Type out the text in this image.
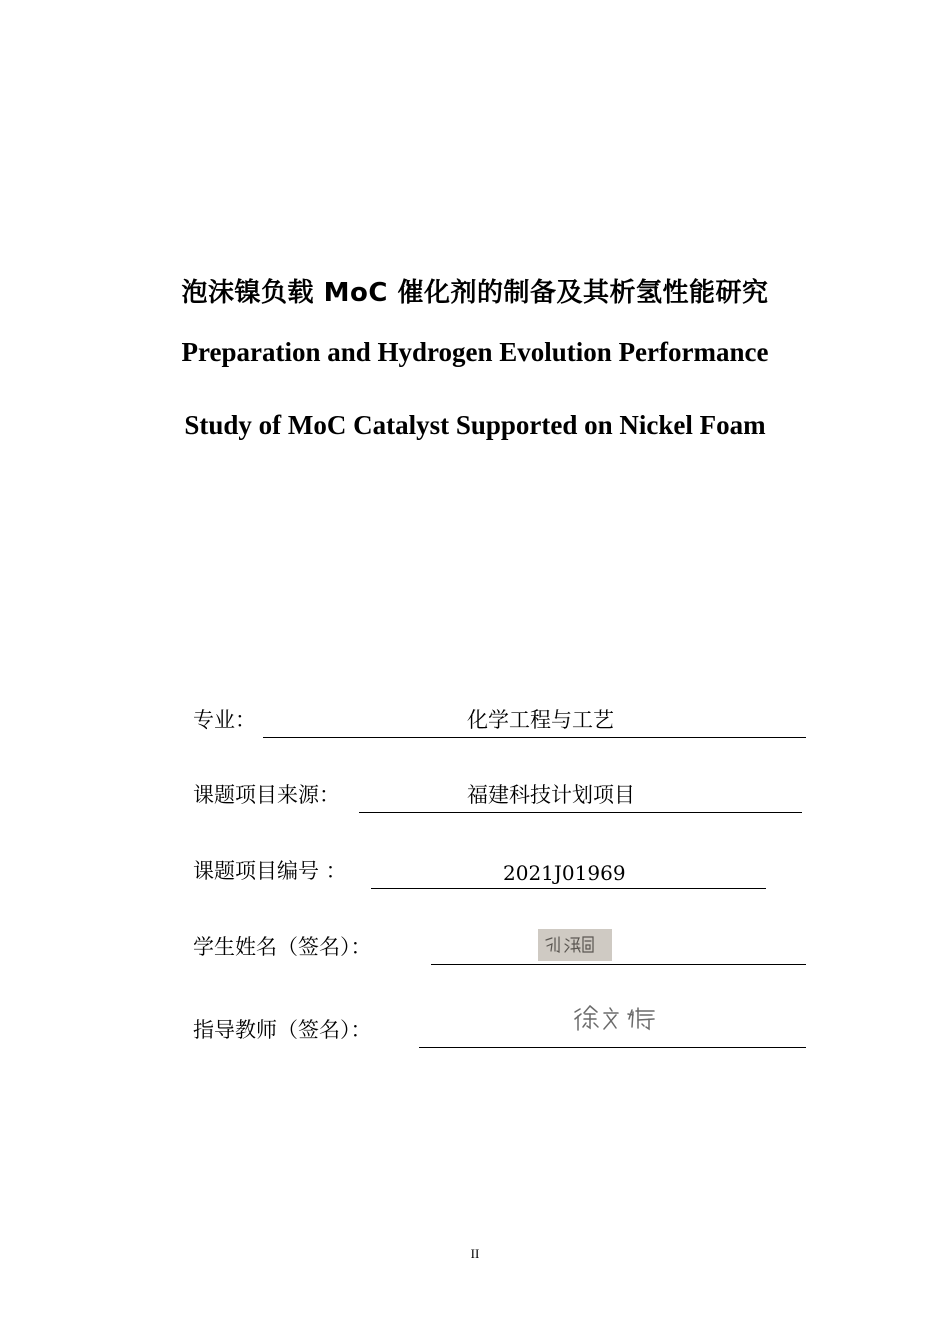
泡沫镍负载 MoC 催化剂的制备及其析氢性能研究
Preparation and Hydrogen Evolution Performance
Study of MoC Catalyst Supported on Nickel Foam
专业：	化学工程与工艺
课题项目来源：	福建科技计划项目
课题项目编号 ：	2021J01969
学生姓名（签名）：
指导教师（签名）：
II
